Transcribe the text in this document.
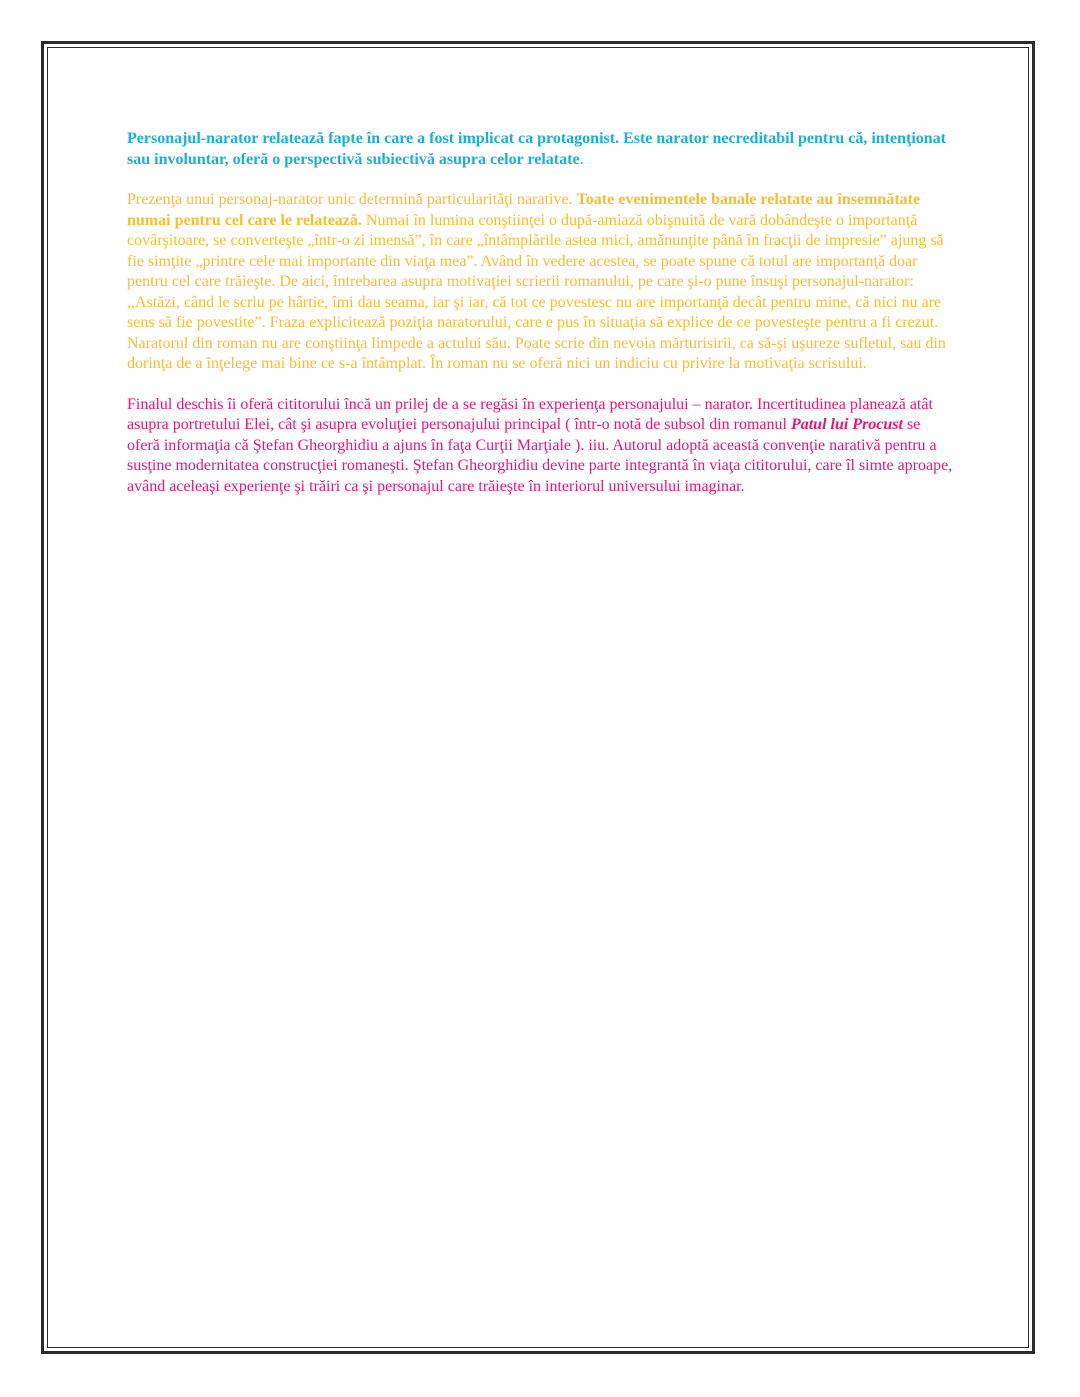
Personajul-narator relatează fapte în care a fost implicat ca protagonist. Este narator necreditabil pentru că, intenţionat sau involuntar, oferă o perspectivă subiectivă asupra celor relatate.

Prezenţa unui personaj-narator unic determină particularităţi narative. Toate evenimentele banale relatate au însemnătate numai pentru cel care le relatează. Numai în lumina conştiinţei o după-amiază obişnuită de vară dobândeşte o importanţă covârşitoare, se converteşte „într-o zi imensă”, în care „întâmplările astea mici, amănunţite până în fracţii de impresie” ajung să fie simţite „printre cele mai importante din viaţa mea”. Având în vedere acestea, se poate spune că totul are importanţă doar pentru cel care trăieşte. De aici, întrebarea asupra motivaţiei scrierii romanului, pe care şi-o pune însuşi personajul-narator: ,,Astăzi, când le scriu pe hârtie, îmi dau seama, iar şi iar, că tot ce povestesc nu are importanţă decât pentru mine, că nici nu are sens să fie povestite”. Fraza explicitează poziţia naratorului, care e pus în situaţia să explice de ce povesteşte pentru a fi crezut. Naratorul din roman nu are conştiinţa limpede a actului său. Poate scrie din nevoia mărturisirii, ca să-şi uşureze sufletul, sau din dorinţa de a înţelege mai bine ce s-a întâmplat. În roman nu se oferă nici un indiciu cu privire la motivaţia scrisului.

Finalul deschis îi oferă cititorului încă un prilej de a se regăsi în experienţa personajului – narator. Incertitudinea planează atât asupra portretului Elei, cât şi asupra evoluţiei personajului principal ( într-o notă de subsol din romanul Patul lui Procust se oferă informaţia că Ştefan Gheorghidiu a ajuns în faţa Curţii Marţiale ). iiu. Autorul adoptă această convenţie narativă pentru a susţine modernitatea construcţiei romaneşti. Ştefan Gheorghidiu devine parte integrantă în viaţa cititorului, care îl simte aproape, având aceleaşi experienţe şi trăiri ca şi personajul care trăieşte în interiorul universului imaginar.
